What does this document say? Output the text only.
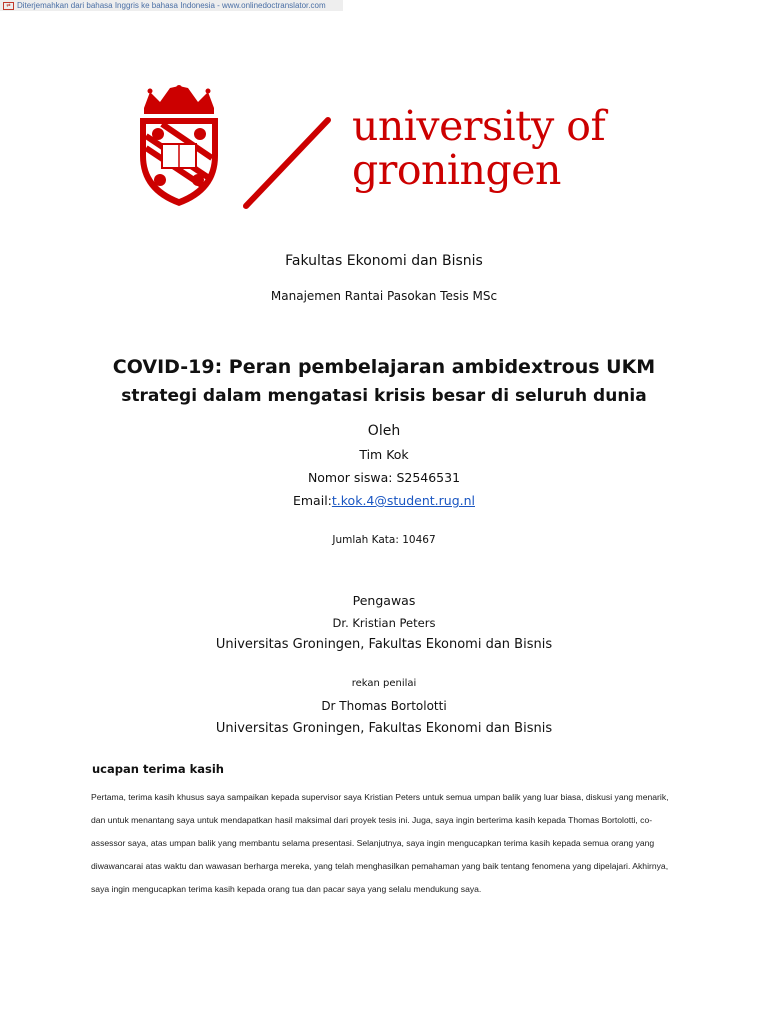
⇄ Diterjemahkan dari bahasa Inggris ke bahasa Indonesia - www.onlinedoctranslator.com
university of
groningen
Fakultas Ekonomi dan Bisnis
Manajemen Rantai Pasokan Tesis MSc
COVID-19: Peran pembelajaran ambidextrous UKM
strategi dalam mengatasi krisis besar di seluruh dunia
Oleh
Tim Kok
Nomor siswa: S2546531
Email:t.kok.4@student.rug.nl
Jumlah Kata: 10467
Pengawas
Dr. Kristian Peters
Universitas Groningen, Fakultas Ekonomi dan Bisnis
rekan penilai
Dr Thomas Bortolotti
Universitas Groningen, Fakultas Ekonomi dan Bisnis
ucapan terima kasih
Pertama, terima kasih khusus saya sampaikan kepada supervisor saya Kristian Peters untuk semua umpan balik yang luar biasa, diskusi yang menarik, dan untuk menantang saya untuk mendapatkan hasil maksimal dari proyek tesis ini. Juga, saya ingin berterima kasih kepada Thomas Bortolotti, co-assessor saya, atas umpan balik yang membantu selama presentasi. Selanjutnya, saya ingin mengucapkan terima kasih kepada semua orang yang diwawancarai atas waktu dan wawasan berharga mereka, yang telah menghasilkan pemahaman yang baik tentang fenomena yang dipelajari. Akhirnya, saya ingin mengucapkan terima kasih kepada orang tua dan pacar saya yang selalu mendukung saya.
